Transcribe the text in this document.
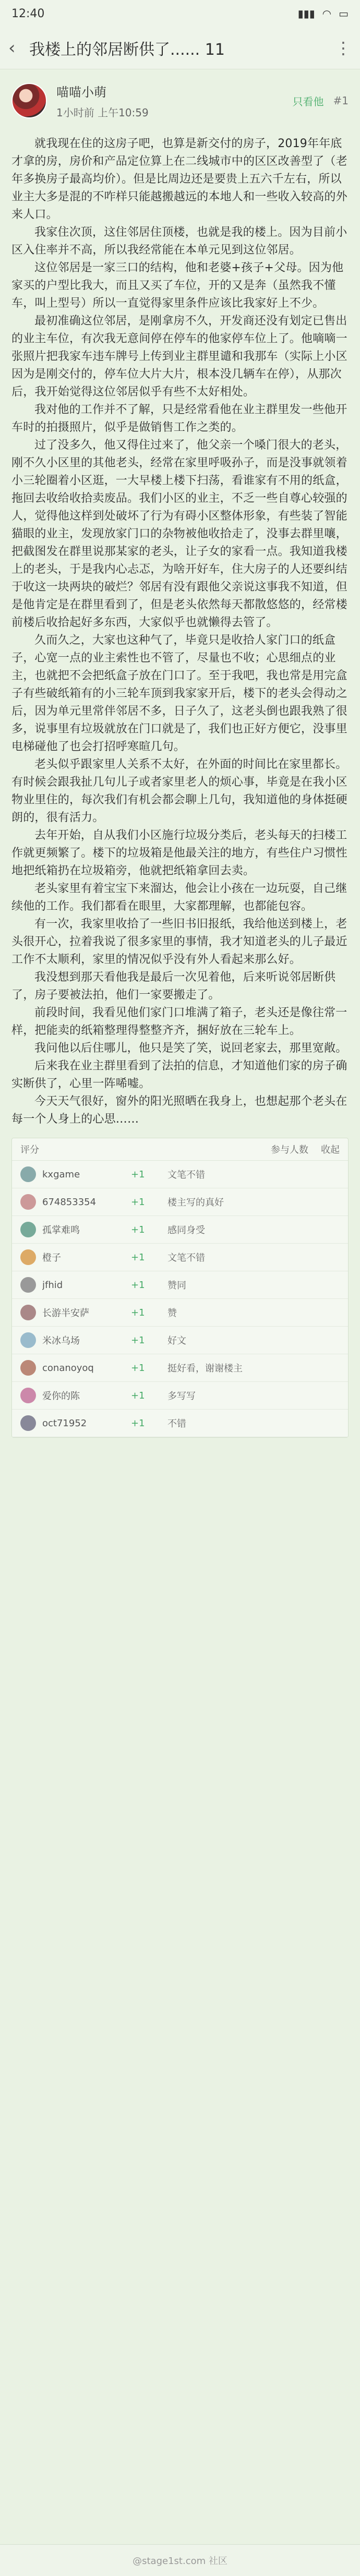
12:40	▮▮▮ ◠ ▭
‹ 我楼上的邻居断供了...... 11	⋮
喵喵小萌
1小时前 上午10:59
只看他 #1

就我现在住的这房子吧，也算是新交付的房子，2019年年底才拿的房，房价和产品定位算上在二线城市中的区区改善型了（老年多换房子最高均价）。但是比周边还是要贵上五六千左右，所以业主大多是混的不咋样只能越搬越远的本地人和一些收入较高的外来人口。

我家住次顶，这住邻居住顶楼，也就是我的楼上。因为目前小区入住率并不高，所以我经常能在本单元见到这位邻居。

这位邻居是一家三口的结构，他和老婆+孩子+父母。因为他家买的户型比我大，而且又买了车位，开的又是奔（虽然我不懂车，叫上型号）所以一直觉得家里条件应该比我家好上不少。

最初准确这位邻居，是刚拿房不久，开发商还没有划定已售出的业主车位，有次我无意间停在停车的他家停车位上了。他嘀嘀一张照片把我家车违车牌号上传到业主群里谴和我那车（实际上小区因为是刚交付的，停车位大片大片，根本没几辆车在停），从那次后，我开始觉得这位邻居似乎有些不太好相处。

我对他的工作并不了解，只是经常看他在业主群里发一些他开车时的拍摄照片，似乎是做销售工作之类的。

过了没多久，他又得住过来了，他父亲一个嗓门很大的老头，刚不久小区里的其他老头，经常在家里呼吸孙子，而是没事就领着小三轮圈着小区逛，一大早楼上楼下扫荡，看谁家有不用的纸盒，拖回去收给收拾卖废品。我们小区的业主，不乏一些自尊心较强的人，觉得他这样到处破坏了行为有碍小区整体形象，有些装了智能猫眼的业主，发现放家门口的杂物被他收拾走了，没事去群里嚷，把截图发在群里说那某家的老头，让子女的家看一点。我知道我楼上的老头，于是我内心忐忑，为啥开好车，住大房子的人还要纠结于收这一块两块的破烂？邻居有没有跟他父亲说这事我不知道，但是他肯定是在群里看到了，但是老头依然每天都散悠悠的，经常楼前楼后收拾起好多东西，大家似乎也就懒得去管了。

久而久之，大家也这种气了，毕竟只是收拾人家门口的纸盒子，心宽一点的业主索性也不管了，尽量也不收；心思细点的业主，也就把不会把纸盒子放在门口了。至于我吧，我也常是用完盒子有些破纸箱有的小三轮车顶到我家家开后，楼下的老头会得动之后，因为单元里常伴邻居不多，日子久了，这老头倒也跟我熟了很多，说事里有垃圾就放在门口就是了，我们也正好方便它，没事里电梯碰他了也会打招呼寒暄几句。

老头似乎跟家里人关系不太好，在外面的时间比在家里都长。有时候会跟我扯几句儿子或者家里老人的烦心事，毕竟是在我小区物业里住的，每次我们有机会都会聊上几句，我知道他的身体挺硬朗的，很有活力。

去年开始，自从我们小区施行垃圾分类后，老头每天的扫楼工作就更频繁了。楼下的垃圾箱是他最关注的地方，有些住户习惯性地把纸箱扔在垃圾箱旁，他就把纸箱拿回去卖。

老头家里有着宝宝下来溜达，他会让小孩在一边玩耍，自己继续他的工作。我们都看在眼里，大家都理解，也都能包容。

有一次，我家里收拾了一些旧书旧报纸，我给他送到楼上，老头很开心，拉着我说了很多家里的事情，我才知道老头的儿子最近工作不太顺利，家里的情况似乎没有外人看起来那么好。

我没想到那天看他我是最后一次见着他，后来听说邻居断供了，房子要被法拍，他们一家要搬走了。

前段时间，我看见他们家门口堆满了箱子，老头还是像往常一样，把能卖的纸箱整理得整整齐齐，捆好放在三轮车上。

我问他以后住哪儿，他只是笑了笑，说回老家去，那里宽敞。

后来我在业主群里看到了法拍的信息，才知道他们家的房子确实断供了，心里一阵唏嘘。

今天天气很好，窗外的阳光照晒在我身上，也想起那个老头在每一个人身上的心思……

评分	参与人数 收起
kxgame	+1	文笔不错
674853354	+1	楼主写的真好
孤掌难鸣	+1	感同身受
橙子	+1	文笔不错
jfhid	+1	赞同
长游半安萨	+1	赞
米冰乌场	+1	好文
conanoyoq	+1	挺好看，谢谢楼主
爱你的陈	+1	多写写
oct71952	+1	不错
@stage1st.com 社区
